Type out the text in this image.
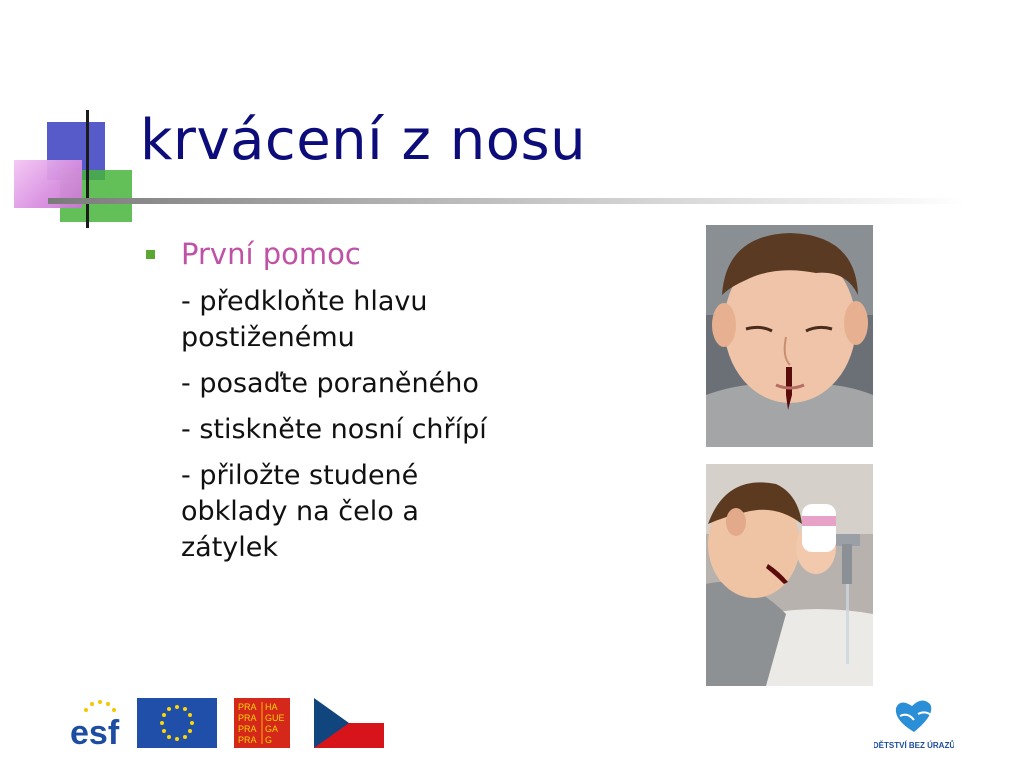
krvácení z nosu
První pomoc
- předkloňte hlavu postiženému
- posaďte poraněného
- stiskněte nosní chřípí
- přiložte studené obklady na čelo a zátylek
esf
PRA HA
PRA GUE
PRA GA
PRA G
DĚTSTVÍ BEZ ÚRAZŮ
